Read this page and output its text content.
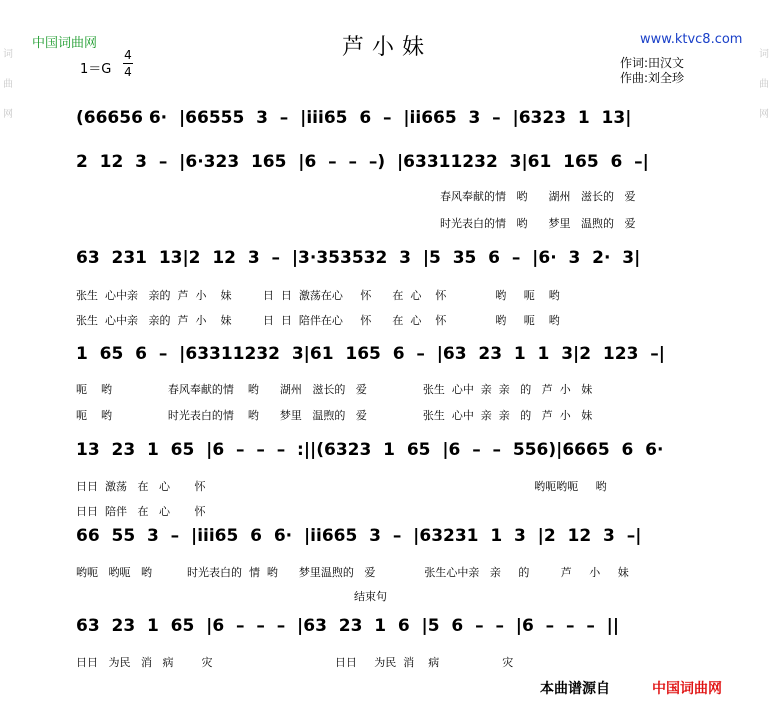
中国词曲网	www.ktvc8.com
芦小妹
1＝G
4
4
作词:田汉文
作曲:刘全珍
词曲网
词曲网
(66656 6·  |66555  3  –  |i̇i̇i̇65  6  –  |i̇i̇665  3  –  |6323  1  13|
2  12  3  –  |6·323  165  |6  –  –  –)  |63311232  3|61  165  6  –|
春风奉献的情   哟      湖州   滋长的   爱
时光表白的情   哟      梦里   温煦的   爱
63  231  13|2  12  3  –  |3·353532  3  |5  35  6  –  |6·  3  2·  3|
张生  心中亲   亲的  芦  小    妹         日  日  激荡在心     怀      在  心    怀              哟     呃    哟
张生  心中亲   亲的  芦  小    妹         日  日  陪伴在心     怀      在  心    怀              哟     呃    哟
1  65  6  –  |63311232  3|61  165  6  –  |63  23  1  1  3|2  123  –|
呃    哟                春风奉献的情    哟      湖州   滋长的   爱                张生  心中  亲  亲   的   芦  小   妹
呃    哟                时光表白的情    哟      梦里   温煦的   爱                张生  心中  亲  亲   的   芦  小   妹
13  23  1  65  |6  –  –  –  :||(6323  1  65  |6  –  –  556)|6665  6  6·
日日  激荡   在   心       怀                                                                                              哟呃哟呃     哟
日日  陪伴   在   心       怀
66  55  3  –  |i̇i̇i̇65  6  6·  |i̇i̇665  3  –  |63231  1  3  |2  12  3  –|
哟呃   哟呃   哟          时光表白的  情  哟      梦里温煦的   爱              张生心中亲   亲     的         芦     小     妹
结束句
63  23  1  65  |6  –  –  –  |63  23  1  6  |5  6  –  –  |6  –  –  –  ||
日日   为民   消   病        灾                                   日日     为民  消    病                  灾
本曲谱源自	中国词曲网
